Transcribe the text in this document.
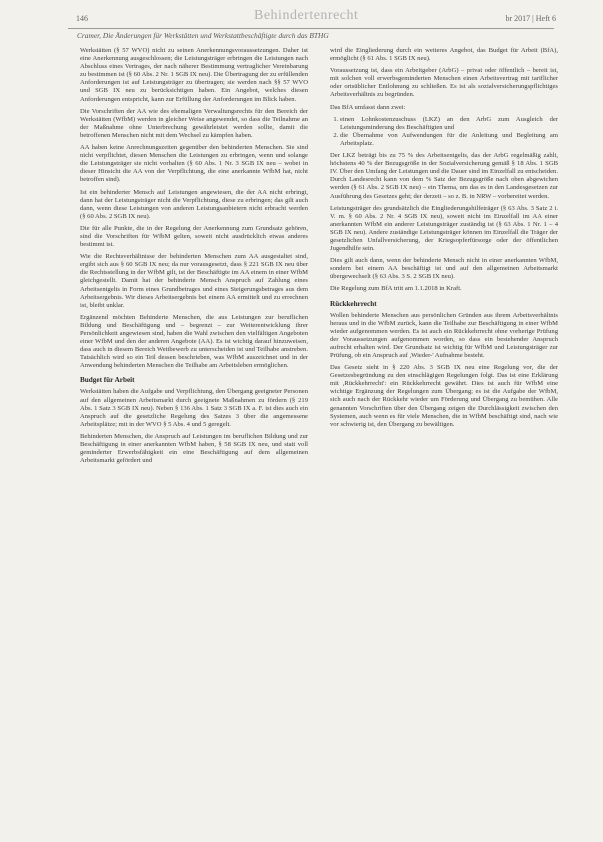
146	Behindertenrecht	br 2017 | Heft 6
Cramer, Die Änderungen für Werkstätten und Werkstattbeschäftigte durch das BTHG

Werkstätten (§ 57 WVO) nicht zu seinen Anerkennungsvoraussetzungen. Daher ist eine Anerkennung ausgeschlossen; die Leistungsträger erbringen die Leistungen nach Abschluss eines Vertrages, der nach näherer Bestimmung vertraglicher Vereinbarung zu bestimmen ist (§ 60 Abs. 2 Nr. 1 SGB IX neu). Die Übertragung der zu erfüllenden Anforderungen ist auf Leistungsträger zu übertragen; sie werden nach §§ 57 WVO und SGB IX neu zu berücksichtigen haben. Ein Angebot, welches diesen Anforderungen entspricht, kann zur Erfüllung der Anforderungen im Blick haben.

Die Vorschriften der AA wie des ehemaligen Verwaltungsrechts für den Bereich der Werkstätten (WfbM) werden in gleicher Weise angewendet, so dass die Teilnahme an der Maßnahme ohne Unterbrechung gewährleistet werden sollte, damit die betroffenen Menschen nicht mit dem Wechsel zu kämpfen haben.

AA haben keine Anrechnungszeiten gegenüber den behinderten Menschen. Sie sind nicht verpflichtet, diesen Menschen die Leistungen zu erbringen, wenn und solange die Leistungsträger sie nicht vorhalten (§ 60 Abs. 1 Nr. 3 SGB IX neu – wobei in dieser Hinsicht die AA von der Verpflichtung, die eine anerkannte WfbM hat, nicht betroffen sind).

Ist ein behinderter Mensch auf Leistungen angewiesen, die der AA nicht erbringt, dann hat der Leistungsträger nicht die Verpflichtung, diese zu erbringen; das gilt auch dann, wenn diese Leistungen von anderen Leistungsanbietern nicht erbracht werden (§ 60 Abs. 2 SGB IX neu).

Die für alle Punkte, die in der Regelung der Anerkennung zum Grundsatz gehören, sind die Vorschriften für WfbM gelten, soweit nicht ausdrücklich etwas anderes bestimmt ist.

Wie die Rechtsverhältnisse der behinderten Menschen zum AA ausgestaltet sind, ergibt sich aus § 60 SGB IX neu; da nur vorausgesetzt, dass § 221 SGB IX neu über die Rechtsstellung in der WfbM gilt, ist der Beschäftigte im AA einem in einer WfbM gleichgestellt. Damit hat der behinderte Mensch Anspruch auf Zahlung eines Arbeitsentgelts in Form eines Grundbetrages und eines Steigerungsbetrages aus dem Arbeitsergebnis. Wir dieses Arbeitsergebnis bei einem AA ermittelt und zu errechnen ist, bleibt unklar.

Ergänzend möchten Behinderte Menschen, die aus Leistungen zur beruflichen Bildung und Beschäftigung und – begrenzt – zur Weiterentwicklung ihrer Persönlichkeit angewiesen sind, haben die Wahl zwischen den vielfältigen Angeboten einer WfbM und den der anderen Angebote (AA). Es ist wichtig darauf hinzuweisen, dass auch in diesem Bereich Wettbewerb zu unterscheiden ist und Teilhabe anstreben. Tatsächlich wird so ein Teil dessen beschrieben, was WfbM auszeichnet und in der Anwendung behinderten Menschen die Teilhabe am Arbeitsleben ermöglichen.

Budget für Arbeit

Werkstätten haben die Aufgabe und Verpflichtung, den Übergang geeigneter Personen auf den allgemeinen Arbeitsmarkt durch geeignete Maßnahmen zu fördern (§ 219 Abs. 1 Satz 3 SGB IX neu). Neben § 136 Abs. 1 Satz 3 SGB IX a. F. ist dies auch ein Anspruch auf die gesetzliche Regelung des Satzes 3 über die angemessene Arbeitsplätze; mit in der WVO § 5 Abs. 4 und 5 geregelt.

Behinderten Menschen, die Anspruch auf Leistungen im beruflichen Bildung und zur Beschäftigung in einer anerkannten WfbM haben, § 58 SGB IX neu, und statt voll geminderter Erwerbsfähigkeit ein eine Beschäftigung auf dem allgemeinen Arbeitsmarkt gefördert und

wird die Eingliederung durch ein weiteres Angebot, das Budget für Arbeit (BfA), ermöglicht (§ 61 Abs. 1 SGB IX neu).

Voraussetzung ist, dass ein Arbeitgeber (ArbG) – privat oder öffentlich – bereit ist, mit solchen voll erwerbsgeminderten Menschen einen Arbeitsvertrag mit tariflicher oder ortsüblicher Entlohnung zu schließen. Es ist als sozialversicherungspflichtiges Arbeitsverhältnis zu begründen.

Das BfA umfasst dann zwei:

1. einen Lohnkostenzuschuss (LKZ) an den ArbG zum Ausgleich der Leistungsminderung des Beschäftigten und
2. die Übernahme von Aufwendungen für die Anleitung und Begleitung am Arbeitsplatz.

Der LKZ beträgt bis zu 75 % des Arbeitsentgelts, das der ArbG regelmäßig zahlt, höchstens 40 % der Bezugsgröße in der Sozialversicherung gemäß § 18 Abs. 1 SGB IV. Über den Umfang der Leistungen und die Dauer sind im Einzelfall zu entscheiden. Durch Landesrecht kann von dem % Satz der Bezugsgröße nach oben abgewichen werden (§ 61 Abs. 2 SGB IX neu) – ein Thema, um das es in den Landesgesetzen zur Ausführung des Gesetzes geht; der derzeit – so z. B. in NRW – vorbereitet werden.

Leistungsträger des grundsätzlich die Eingliederungshilfeträger (§ 63 Abs. 3 Satz 2 i. V. m. § 60 Abs. 2 Nr. 4 SGB IX neu), soweit nicht im Einzelfall im AA einer anerkannten WfbM ein anderer Leistungsträger zuständig ist (§ 63 Abs. 1 Nr. 1 – 4 SGB IX neu). Andere zuständige Leistungsträger können im Einzelfall die Träger der gesetzlichen Unfallversicherung, der Kriegsopferfürsorge oder der öffentlichen Jugendhilfe sein.

Dies gilt auch dann, wenn der behinderte Mensch nicht in einer anerkannten WfbM, sondern bei einem AA beschäftigt ist und auf den allgemeinen Arbeitsmarkt übergewechselt (§ 63 Abs. 3 S. 2 SGB IX neu).

Die Regelung zum BfA tritt am 1.1.2018 in Kraft.

Rückkehrrecht

Wollen behinderte Menschen aus persönlichen Gründen aus ihrem Arbeitsverhältnis heraus und in die WfbM zurück, kann die Teilhabe zur Beschäftigung in einer WfbM wieder aufgenommen werden. Es ist auch ein Rückkehrrecht ohne vorherige Prüfung der Voraussetzungen aufgenommen worden, so dass ein bestehender Anspruch aufrecht erhalten wird. Der Grundsatz ist wichtig für WfbM und Leistungsträger zur Prüfung, ob ein Anspruch auf ,Wieder-' Aufnahme besteht.

Das Gesetz sieht in § 220 Abs. 3 SGB IX neu eine Regelung vor, die der Gesetzesbegründung zu den einschlägigen Regelungen folgt. Das ist eine Erklärung mit ,Rückkehrrecht': ein Rückkehrrecht gewährt. Dies ist auch für WfbM eine wichtige Ergänzung der Regelungen zum Übergang; es ist die Aufgabe der WfbM, sich auch nach der Rückkehr wieder um Förderung und Übergang zu bemühen. Alle genannten Vorschriften über den Übergang zeigen die Durchlässigkeit zwischen den Systemen, auch wenn es für viele Menschen, die in WfbM beschäftigt sind, nach wie vor schwierig ist, den Übergang zu bewältigen.
